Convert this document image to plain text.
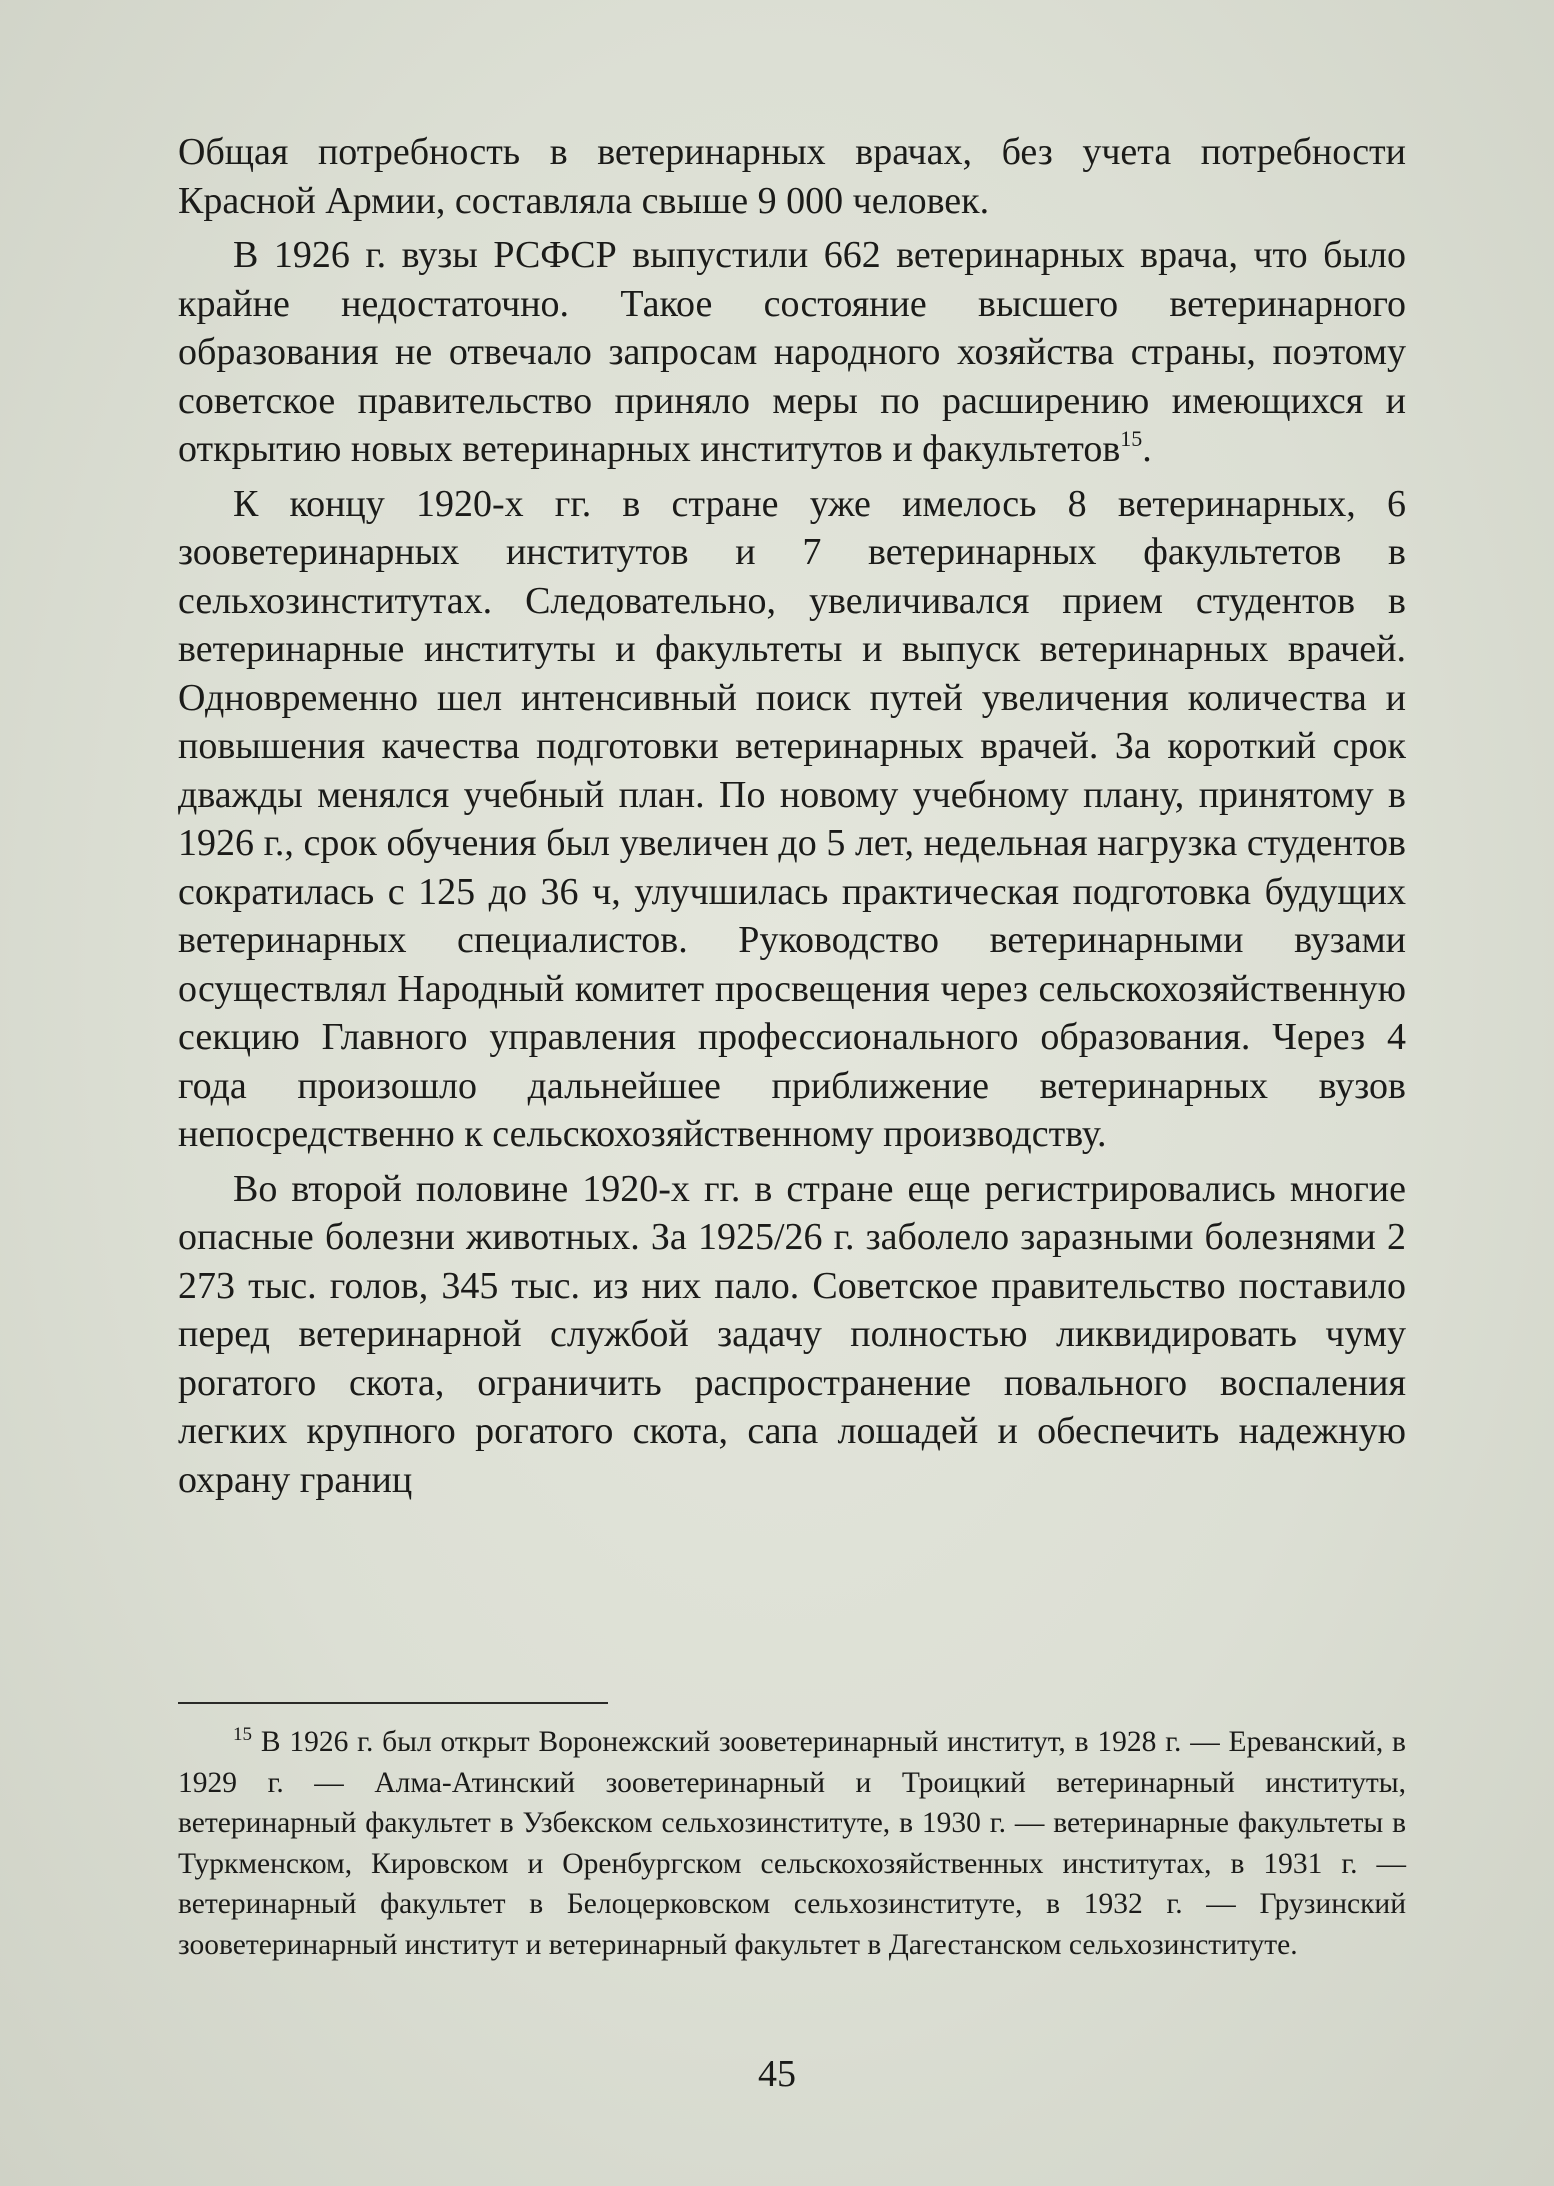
Общая потребность в ветеринарных врачах, без учета потребности Красной Армии, составляла свыше 9 000 человек.

В 1926 г. вузы РСФСР выпустили 662 ветеринарных врача, что было крайне недостаточно. Такое состояние высшего ветеринарного образования не отвечало запросам народного хозяйства страны, поэтому советское правительство приняло меры по расширению имеющихся и открытию новых ветеринарных институтов и факультетов$^{15}$.

К концу 1920-х гг. в стране уже имелось 8 ветеринарных, 6 зооветеринарных институтов и 7 ветеринарных факультетов в сельхозинститутах. Следовательно, увеличивался прием студентов в ветеринарные институты и факультеты и выпуск ветеринарных врачей. Одновременно шел интенсивный поиск путей увеличения количества и повышения качества подготовки ветеринарных врачей. За короткий срок дважды менялся учебный план. По новому учебному плану, принятому в 1926 г., срок обучения был увеличен до 5 лет, недельная нагрузка студентов сократилась с 125 до 36 ч, улучшилась практическая подготовка будущих ветеринарных специалистов. Руководство ветеринарными вузами осуществлял Народный комитет просвещения через сельскохозяйственную секцию Главного управления профессионального образования. Через 4 года произошло дальнейшее приближение ветеринарных вузов непосредственно к сельскохозяйственному производству.

Во второй половине 1920-х гг. в стране еще регистрировались многие опасные болезни животных. За 1925/26 г. заболело заразными болезнями 2 273 тыс. голов, 345 тыс. из них пало. Советское правительство поставило перед ветеринарной службой задачу полностью ликвидировать чуму рогатого скота, ограничить распространение повального воспаления легких крупного рогатого скота, сапа лошадей и обеспечить надежную охрану границ

$^{15}$ В 1926 г. был открыт Воронежский зооветеринарный институт, в 1928 г. — Ереванский, в 1929 г. — Алма-Атинский зооветеринарный и Троицкий ветеринарный институты, ветеринарный факультет в Узбекском сельхозинституте, в 1930 г. — ветеринарные факультеты в Туркменском, Кировском и Оренбургском сельскохозяйственных институтах, в 1931 г. — ветеринарный факультет в Белоцерковском сельхозинституте, в 1932 г. — Грузинский зооветеринарный институт и ветеринарный факультет в Дагестанском сельхозинституте.

45
